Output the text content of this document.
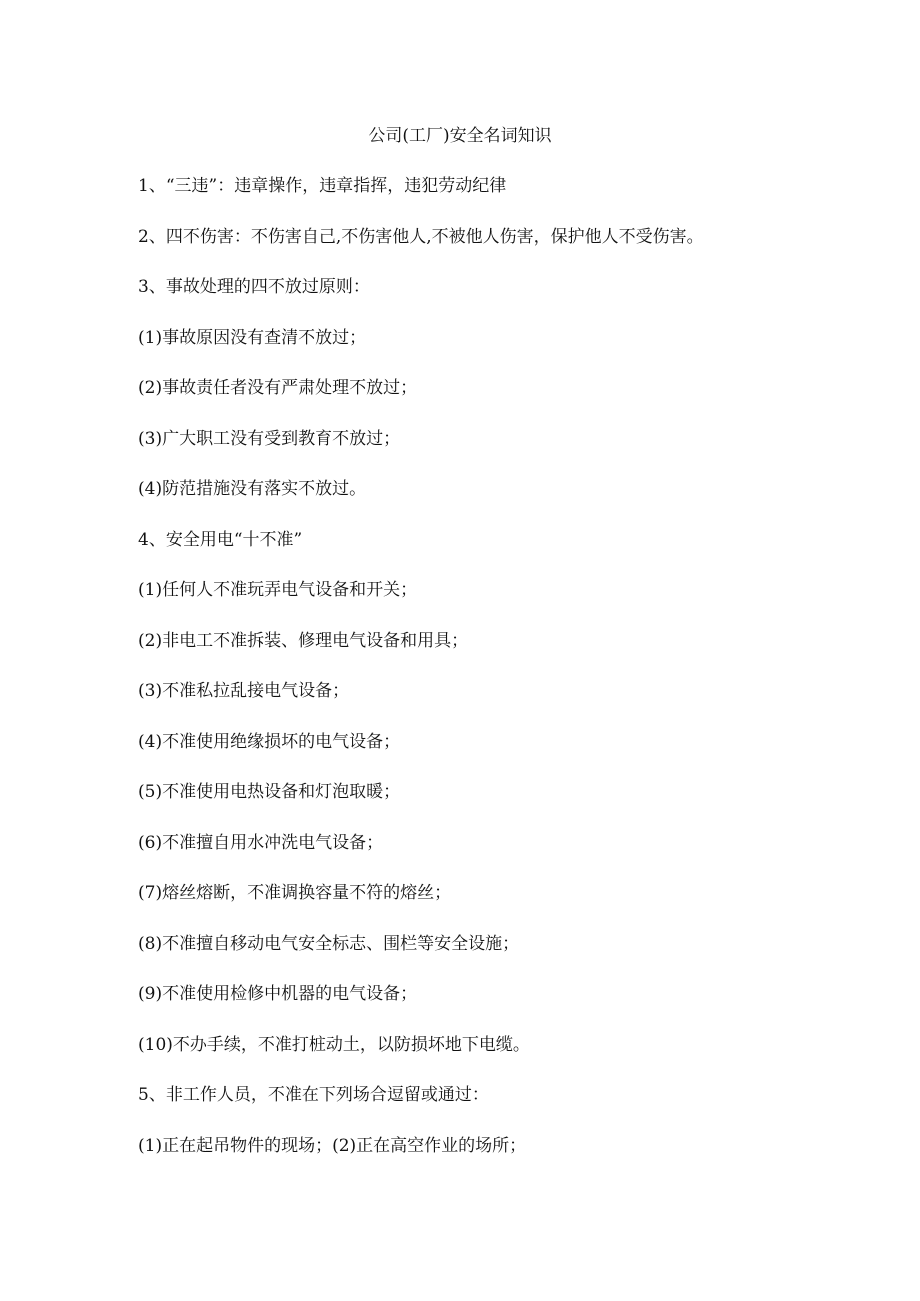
公司(工厂)安全名词知识
1、“三违”：违章操作，违章指挥，违犯劳动纪律
2、四不伤害：不伤害自己,不伤害他人,不被他人伤害，保护他人不受伤害。
3、事故处理的四不放过原则：
(1)事故原因没有查清不放过；
(2)事故责任者没有严肃处理不放过；
(3)广大职工没有受到教育不放过；
(4)防范措施没有落实不放过。
4、安全用电“十不准”
(1)任何人不准玩弄电气设备和开关；
(2)非电工不准拆装、修理电气设备和用具；
(3)不准私拉乱接电气设备；
(4)不准使用绝缘损坏的电气设备；
(5)不准使用电热设备和灯泡取暖；
(6)不准擅自用水冲洗电气设备；
(7)熔丝熔断，不准调换容量不符的熔丝；
(8)不准擅自移动电气安全标志、围栏等安全设施；
(9)不准使用检修中机器的电气设备；
(10)不办手续，不准打桩动土，以防损坏地下电缆。
5、非工作人员，不准在下列场合逗留或通过：
(1)正在起吊物件的现场；(2)正在高空作业的场所；
